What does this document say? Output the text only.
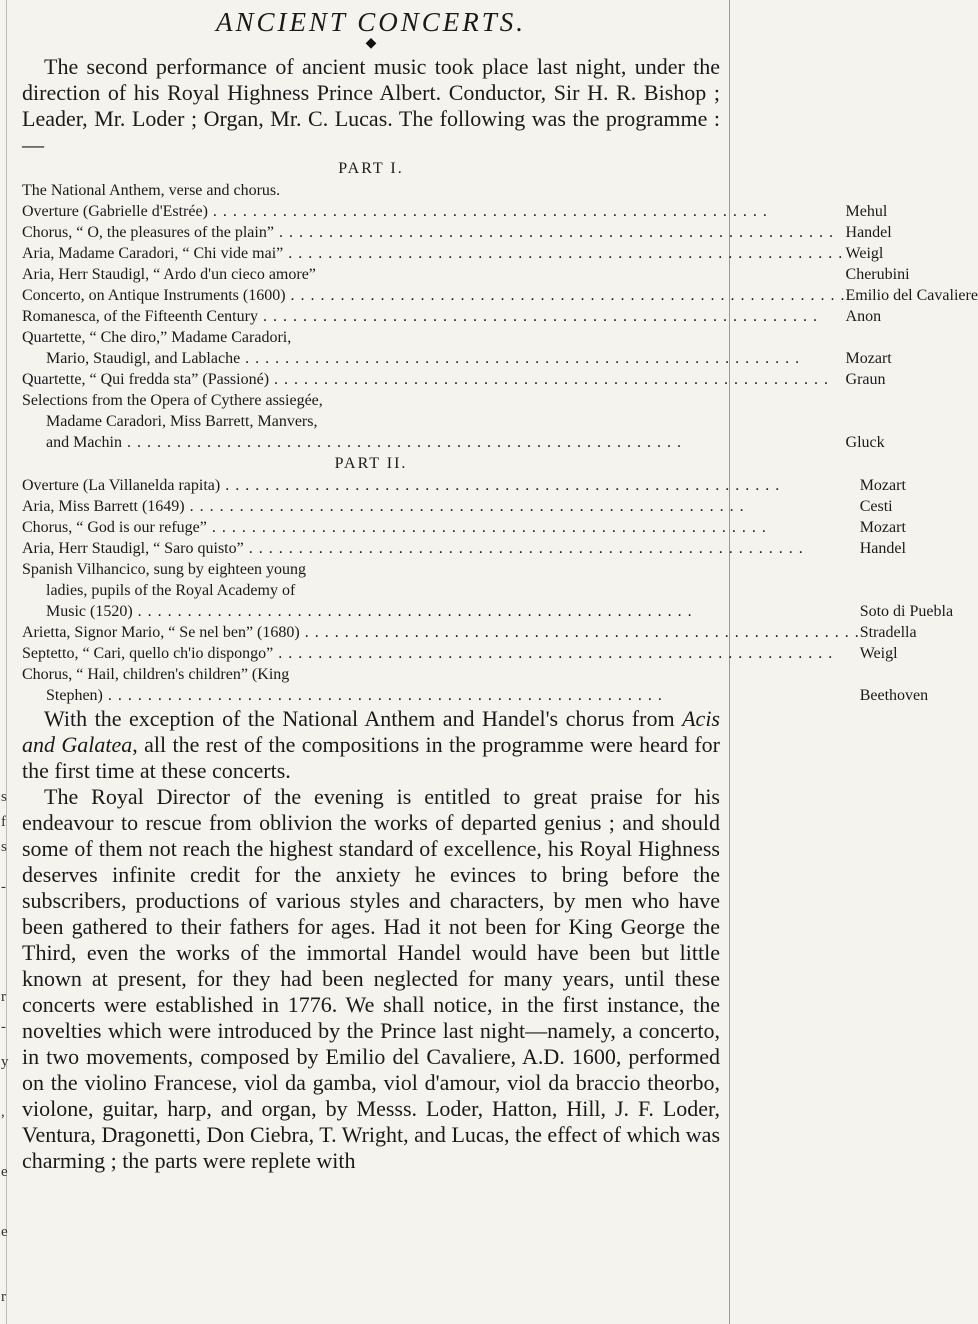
s
f
s
-
r
-
y
,
e
e
r
ANCIENT CONCERTS.
◆

The second performance of ancient music took place last night, under the direction of his Royal Highness Prince Albert. Conductor, Sir H. R. Bishop ; Leader, Mr. Loder ; Organ, Mr. C. Lucas. The following was the programme :—

PART I.
The National Anthem, verse and chorus.	

Overture (Gabrielle d'Estrée) . . .	Mehul

Chorus, “ O, the pleasures of the plain” . . .	Handel

Aria, Madame Caradori, “ Chi vide mai” . . .	Weigl
Aria, Herr Staudigl, “ Ardo d'un cieco amore”	Cherubini

Concerto, on Antique Instruments (1600) . . .	Emilio del Cavaliere

Romanesca, of the Fifteenth Century . . .	Anon
Quartette, “ Che diro,” Madame Caradori,	

Mario, Staudigl, and Lablache . . .	Mozart

Quartette, “ Qui fredda sta” (Passioné) . . .	Graun
Selections from the Opera of Cythere assiegée,	

Madame Caradori, Miss Barrett, Manvers,	

and Machin . . .	Gluck
PART II.
Overture (La Villanelda rapita) . . .	Mozart

Aria, Miss Barrett (1649) . . .	Cesti

Chorus, “ God is our refuge” . . .	Mozart

Aria, Herr Staudigl, “ Saro quisto” . . .	Handel
Spanish Vilhancico, sung by eighteen young	

ladies, pupils of the Royal Academy of	

Music (1520) . . .	Soto di Puebla

Arietta, Signor Mario, “ Se nel ben” (1680) . . .	Stradella

Septetto, “ Cari, quello ch'io dispongo” . . .	Weigl
Chorus, “ Hail, children's children” (King	

Stephen) . . .	Beethoven

With the exception of the National Anthem and Handel's chorus from Acis and Galatea, all the rest of the compositions in the programme were heard for the first time at these concerts.

The Royal Director of the evening is entitled to great praise for his endeavour to rescue from oblivion the works of departed genius ; and should some of them not reach the highest standard of excellence, his Royal Highness deserves infinite credit for the anxiety he evinces to bring before the subscribers, productions of various styles and characters, by men who have been gathered to their fathers for ages. Had it not been for King George the Third, even the works of the immortal Handel would have been but little known at present, for they had been neglected for many years, until these concerts were established in 1776. We shall notice, in the first instance, the novelties which were introduced by the Prince last night—namely, a concerto, in two movements, composed by Emilio del Cavaliere, A.D. 1600, performed on the violino Francese, viol da gamba, viol d'amour, viol da braccio theorbo, violone, guitar, harp, and organ, by Messs. Loder, Hatton, Hill, J. F. Loder, Ventura, Dragonetti, Don Ciebra, T. Wright, and Lucas, the effect of which was charming ; the parts were replete with
